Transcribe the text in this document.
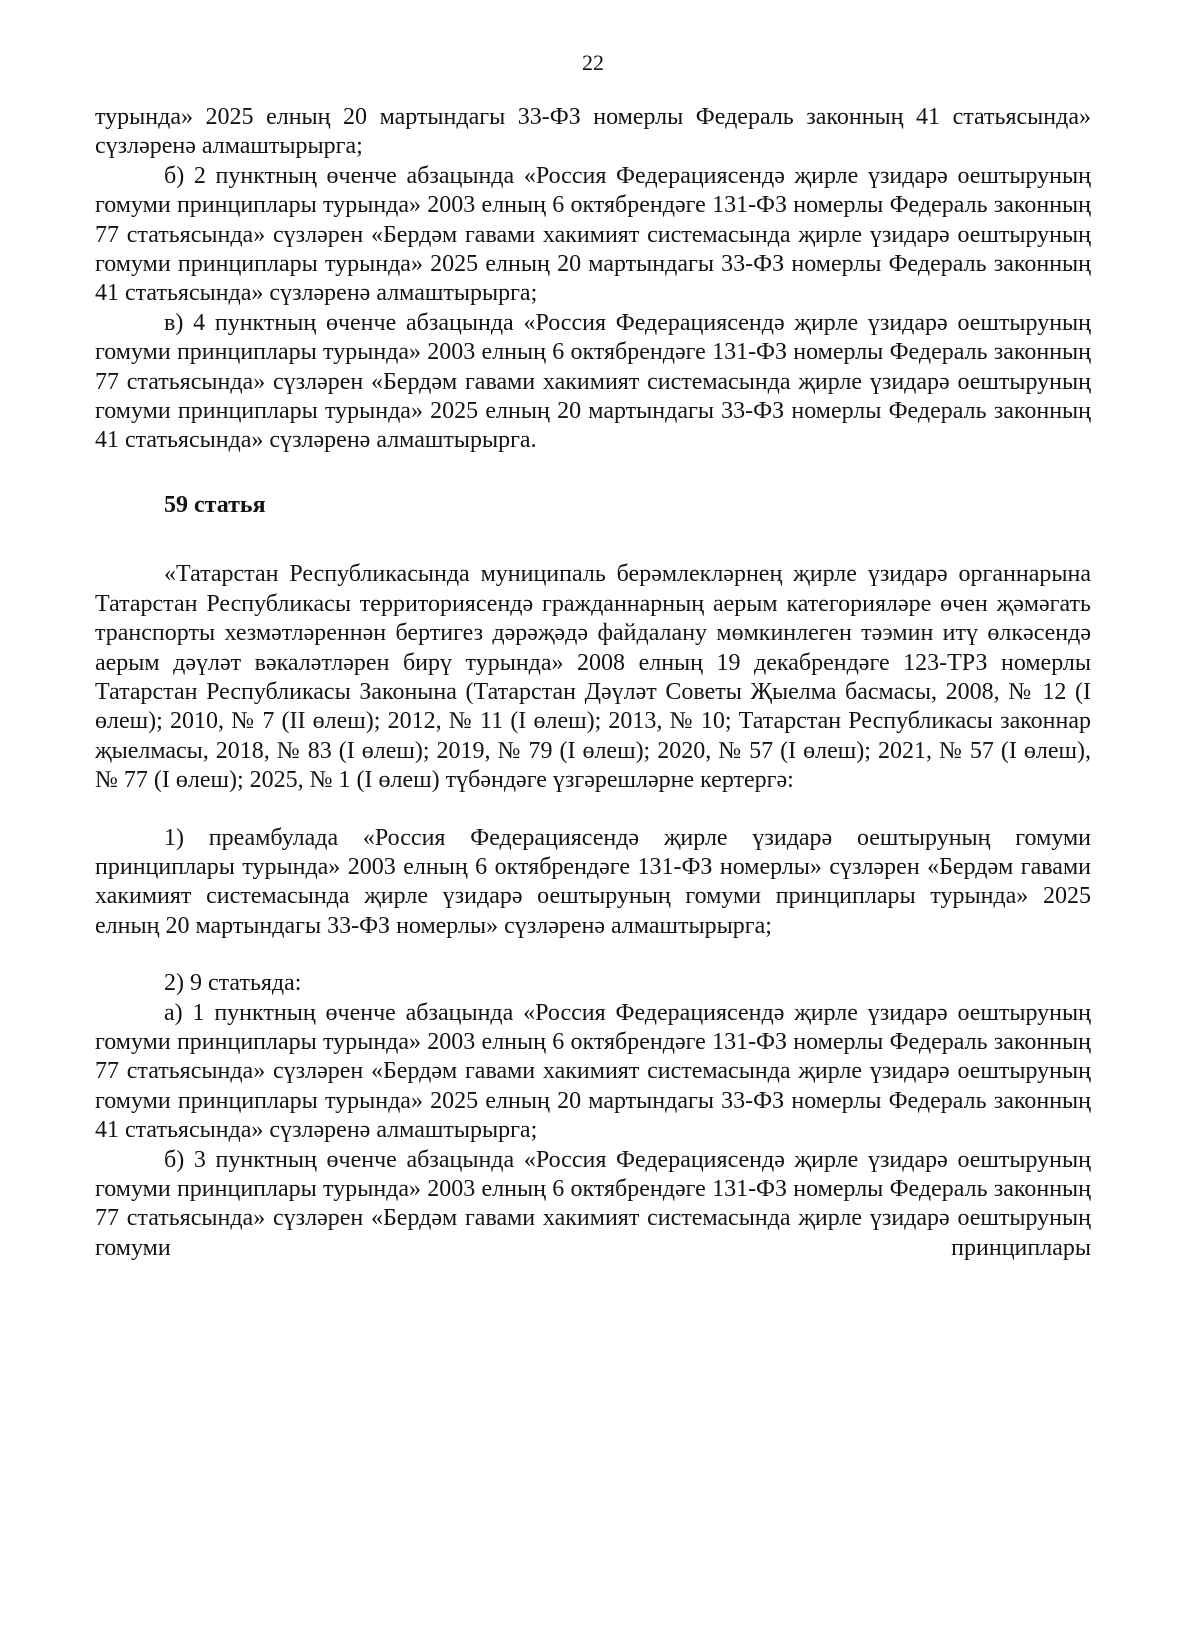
22

турында» 2025 елның 20 мартындагы 33-ФЗ номерлы Федераль законның 41 статьясында» сүзләренә алмаштырырга;

б) 2 пунктның өченче абзацында «Россия Федерациясендә җирле үзидарә оештыруның гомуми принциплары турында» 2003 елның 6 октябрендәге 131-ФЗ номерлы Федераль законның 77 статьясында» сүзләрен «Бердәм гавами хакимият системасында җирле үзидарә оештыруның гомуми принциплары турында» 2025 елның 20 мартындагы 33-ФЗ номерлы Федераль законның 41 статьясында» сүзләренә алмаштырырга;

в) 4 пунктның өченче абзацында «Россия Федерациясендә җирле үзидарә оештыруның гомуми принциплары турында» 2003 елның 6 октябрендәге 131-ФЗ номерлы Федераль законның 77 статьясында» сүзләрен «Бердәм гавами хакимият системасында җирле үзидарә оештыруның гомуми принциплары турында» 2025 елның 20 мартындагы 33-ФЗ номерлы Федераль законның 41 статьясында» сүзләренә алмаштырырга.

59 статья

«Татарстан Республикасында муниципаль берәмлекләрнең җирле үзидарә органнарына Татарстан Республикасы территориясендә гражданнарның аерым категорияләре өчен җәмәгать транспорты хезмәтләреннән бертигез дәрәҗәдә файдалану мөмкинлеген тәэмин итү өлкәсендә аерым дәүләт вәкаләтләрен бирү турында» 2008 елның 19 декабрендәге 123-ТРЗ номерлы Татарстан Республикасы Законына (Татарстан Дәүләт Советы Җыелма басмасы, 2008, № 12 (I өлеш); 2010, № 7 (II өлеш); 2012, № 11 (I өлеш); 2013, № 10; Татарстан Республикасы законнар җыелмасы, 2018, № 83 (I өлеш); 2019, № 79 (I өлеш); 2020, № 57 (I өлеш); 2021, № 57 (I өлеш), № 77 (I өлеш); 2025, № 1 (I өлеш) түбәндәге үзгәрешләрне кертергә:

1) преамбулада «Россия Федерациясендә җирле үзидарә оештыруның гомуми принциплары турында» 2003 елның 6 октябрендәге 131-ФЗ номерлы» сүзләрен «Бердәм гавами хакимият системасында җирле үзидарә оештыруның гомуми принциплары турында» 2025 елның 20 мартындагы 33-ФЗ номерлы» сүзләренә алмаштырырга;

2) 9 статьяда:

а) 1 пунктның өченче абзацында «Россия Федерациясендә җирле үзидарә оештыруның гомуми принциплары турында» 2003 елның 6 октябрендәге 131-ФЗ номерлы Федераль законның 77 статьясында» сүзләрен «Бердәм гавами хакимият системасында җирле үзидарә оештыруның гомуми принциплары турында» 2025 елның 20 мартындагы 33-ФЗ номерлы Федераль законның 41 статьясында» сүзләренә алмаштырырга;

б) 3 пунктның өченче абзацында «Россия Федерациясендә җирле үзидарә оештыруның гомуми принциплары турында» 2003 елның 6 октябрендәге 131-ФЗ номерлы Федераль законның 77 статьясында» сүзләрен «Бердәм гавами хакимият системасында җирле үзидарә оештыруның гомуми принциплары
